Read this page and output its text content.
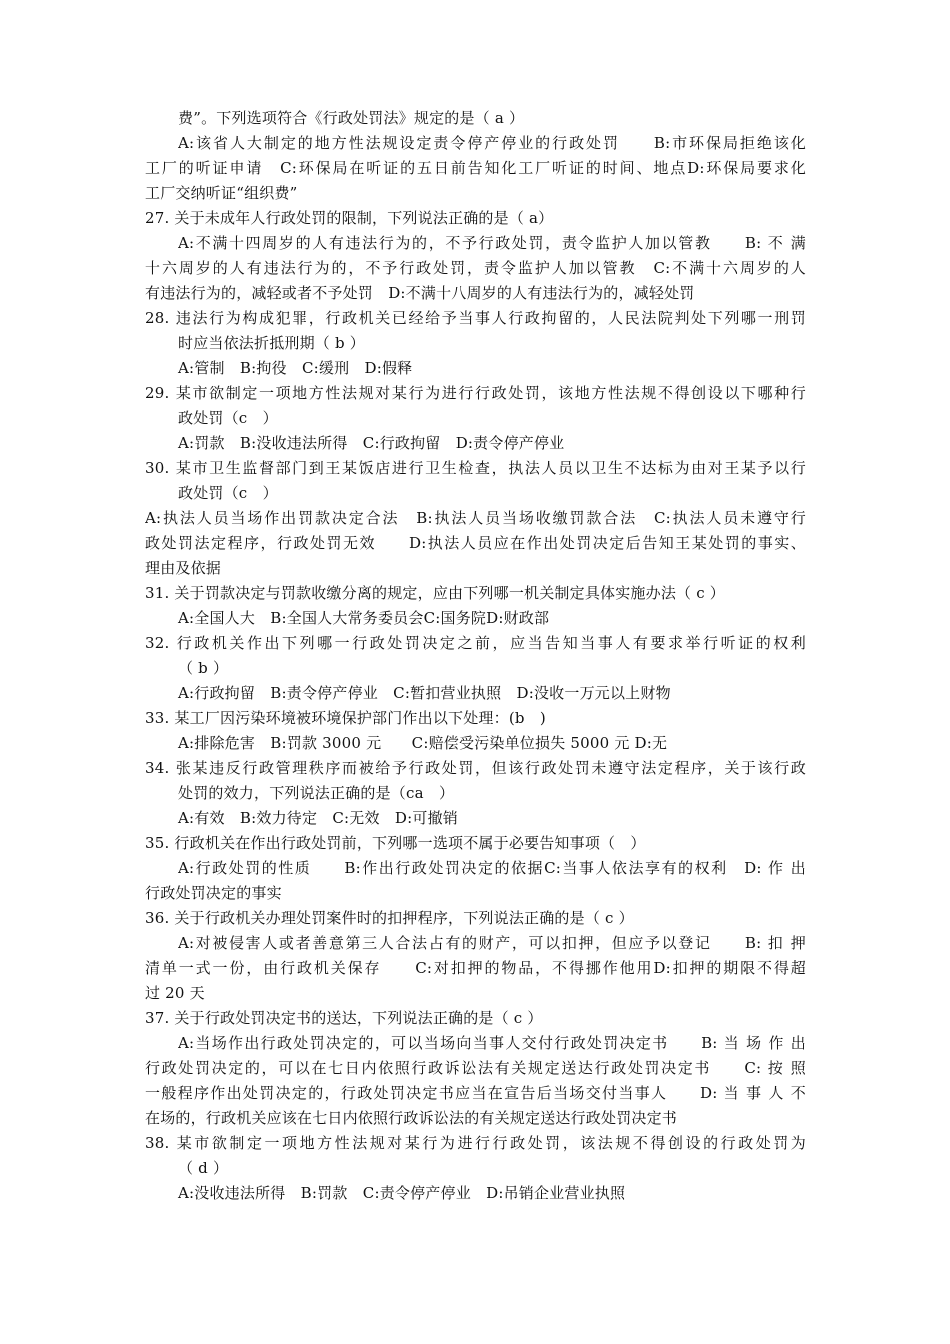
费”。下列选项符合《行政处罚法》规定的是（ a ）
A:该省人大制定的地方性法规设定责令停产停业的行政处罚　　B:市环保局拒绝该化
工厂的听证申请　C:环保局在听证的五日前告知化工厂听证的时间、地点D:环保局要求化
工厂交纳听证“组织费”
27. 关于未成年人行政处罚的限制，下列说法正确的是（ a）
A:不满十四周岁的人有违法行为的，不予行政处罚，责令监护人加以管教　　B: 不 满
十六周岁的人有违法行为的，不予行政处罚，责令监护人加以管教　C:不满十六周岁的人
有违法行为的，减轻或者不予处罚　D:不满十八周岁的人有违法行为的，减轻处罚
28. 违法行为构成犯罪，行政机关已经给予当事人行政拘留的，人民法院判处下列哪一刑罚
时应当依法折抵刑期（ b ）
A:管制　B:拘役　C:缓刑　D:假释
29. 某市欲制定一项地方性法规对某行为进行行政处罚，该地方性法规不得创设以下哪种行
政处罚（c　）
A:罚款　B:没收违法所得　C:行政拘留　D:责令停产停业
30. 某市卫生监督部门到王某饭店进行卫生检查，执法人员以卫生不达标为由对王某予以行
政处罚（c　）
A:执法人员当场作出罚款决定合法　B:执法人员当场收缴罚款合法　C:执法人员未遵守行
政处罚法定程序，行政处罚无效　　D:执法人员应在作出处罚决定后告知王某处罚的事实、
理由及依据
31. 关于罚款决定与罚款收缴分离的规定，应由下列哪一机关制定具体实施办法（ c ）
A:全国人大　B:全国人大常务委员会C:国务院D:财政部
32. 行政机关作出下列哪一行政处罚决定之前，应当告知当事人有要求举行听证的权利
（ b ）
A:行政拘留　B:责令停产停业　C:暂扣营业执照　D:没收一万元以上财物
33. 某工厂因污染环境被环境保护部门作出以下处理：(b　)
A:排除危害　B:罚款 3000 元　　C:赔偿受污染单位损失 5000 元 D:无
34. 张某违反行政管理秩序而被给予行政处罚，但该行政处罚未遵守法定程序，关于该行政
处罚的效力，下列说法正确的是（ca　）
A:有效　B:效力待定　C:无效　D:可撤销
35. 行政机关在作出行政处罚前，下列哪一选项不属于必要告知事项（　）
A:行政处罚的性质　　B:作出行政处罚决定的依据C:当事人依法享有的权利　D: 作 出
行政处罚决定的事实
36. 关于行政机关办理处罚案件时的扣押程序，下列说法正确的是（ c ）
A:对被侵害人或者善意第三人合法占有的财产，可以扣押，但应予以登记　　B: 扣 押
清单一式一份，由行政机关保存　　C:对扣押的物品，不得挪作他用D:扣押的期限不得超
过 20 天
37. 关于行政处罚决定书的送达，下列说法正确的是（ c ）
A:当场作出行政处罚决定的，可以当场向当事人交付行政处罚决定书　　B: 当 场 作 出
行政处罚决定的，可以在七日内依照行政诉讼法有关规定送达行政处罚决定书　　C: 按 照
一般程序作出处罚决定的，行政处罚决定书应当在宣告后当场交付当事人　　D: 当 事 人 不
在场的，行政机关应该在七日内依照行政诉讼法的有关规定送达行政处罚决定书
38. 某市欲制定一项地方性法规对某行为进行行政处罚，该法规不得创设的行政处罚为
（ d ）
A:没收违法所得　B:罚款　C:责令停产停业　D:吊销企业营业执照
